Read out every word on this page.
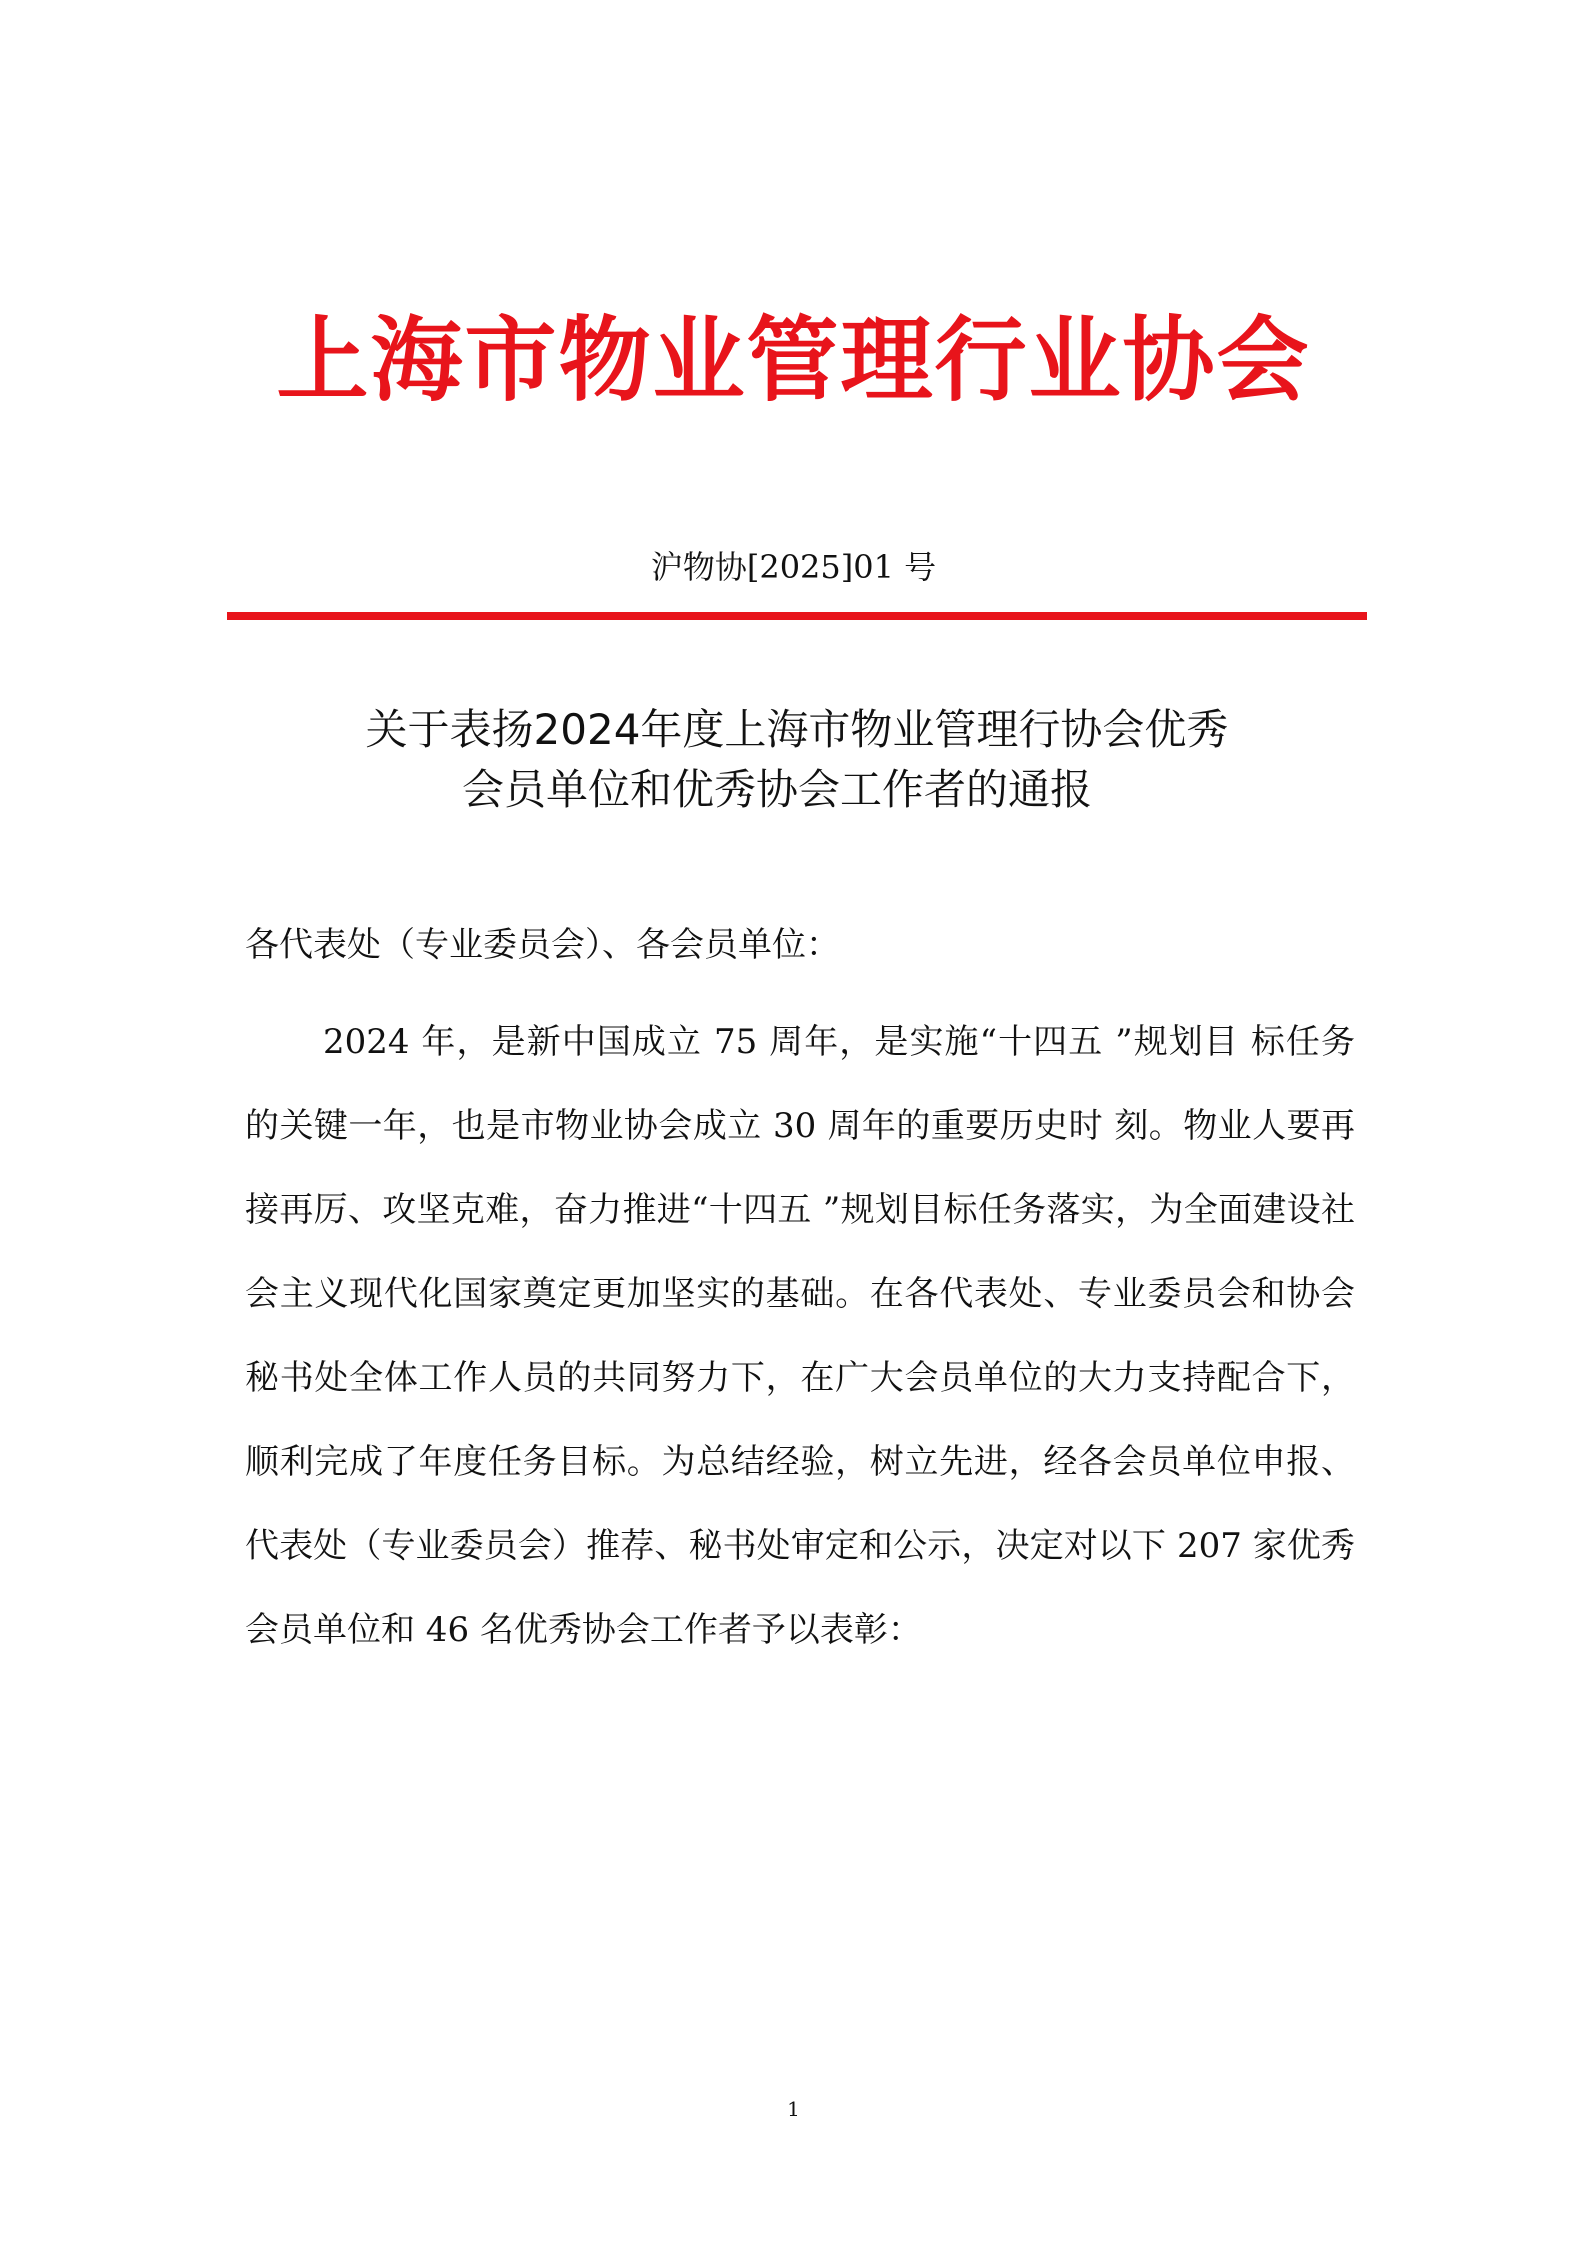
上海市物业管理行业协会
沪物协[2025]01 号
关于表扬2024年度上海市物业管理行协会优秀
会员单位和优秀协会工作者的通报
各代表处（专业委员会）、各会员单位：

2024 年，是新中国成立 75 周年，是实施“十四五 ”规划目 标任务的关键一年，也是市物业协会成立 30 周年的重要历史时 刻。物业人要再接再厉、攻坚克难，奋力推进“十四五 ”规划目标任务落实，为全面建设社会主义现代化国家奠定更加坚实的基础。在各代表处、专业委员会和协会秘书处全体工作人员的共同努力下，在广大会员单位的大力支持配合下，顺利完成了年度任务目标。为总结经验，树立先进，经各会员单位申报、代表处（专业委员会）推荐、秘书处审定和公示，决定对以下 207 家优秀会员单位和 46 名优秀协会工作者予以表彰：

1
